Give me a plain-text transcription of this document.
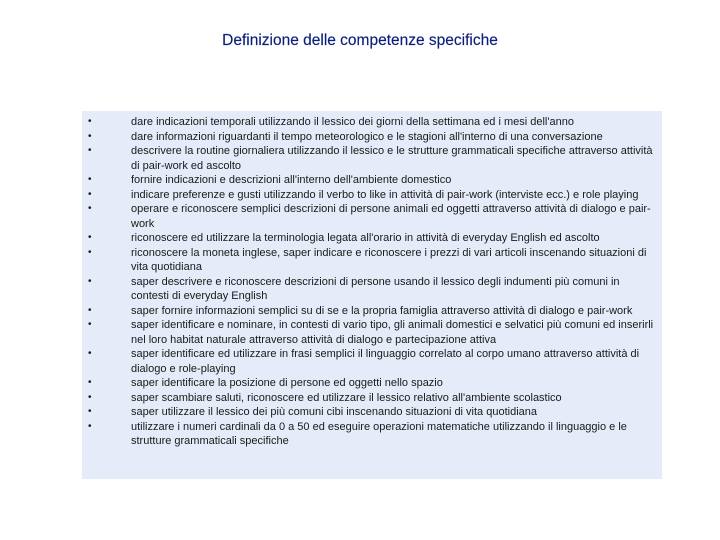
Definizione delle competenze specifiche
•	dare indicazioni temporali utilizzando il lessico dei giorni della settimana ed i mesi dell'anno
•	dare informazioni riguardanti il tempo meteorologico e le stagioni all'interno di una conversazione
•	descrivere la routine giornaliera utilizzando il lessico e le strutture grammaticali specifiche attraverso attività di pair-work ed ascolto
•	fornire indicazioni e descrizioni all'interno dell'ambiente domestico
•	indicare preferenze e gusti utilizzando il verbo to like in attività di pair-work (interviste ecc.) e role playing
•	operare e riconoscere semplici descrizioni di persone animali ed oggetti attraverso attività di dialogo e pair-work
•	riconoscere ed utilizzare la terminologia legata all'orario in attività di everyday English ed ascolto
•	riconoscere la moneta inglese, saper indicare e riconoscere i prezzi di vari articoli inscenando situazioni di vita quotidiana
•	saper descrivere e riconoscere descrizioni di persone usando il lessico degli indumenti più comuni in contesti di everyday English
•	saper fornire informazioni semplici su di se e la propria famiglia attraverso attività di dialogo e pair-work
•	saper identificare e nominare, in contesti di vario tipo, gli animali domestici e selvatici più comuni ed inserirli nel loro habitat naturale attraverso attività di dialogo e partecipazione attiva
•	saper identificare ed utilizzare in frasi semplici il linguaggio correlato al corpo umano attraverso attività di dialogo e role-playing
•	saper identificare la posizione di persone ed oggetti nello spazio
•	saper scambiare saluti, riconoscere ed utilizzare il lessico relativo all'ambiente scolastico
•	saper utilizzare il lessico dei più comuni cibi inscenando situazioni di vita quotidiana
•	utilizzare i numeri cardinali da 0 a 50 ed eseguire operazioni matematiche utilizzando il linguaggio e le strutture grammaticali specifiche
